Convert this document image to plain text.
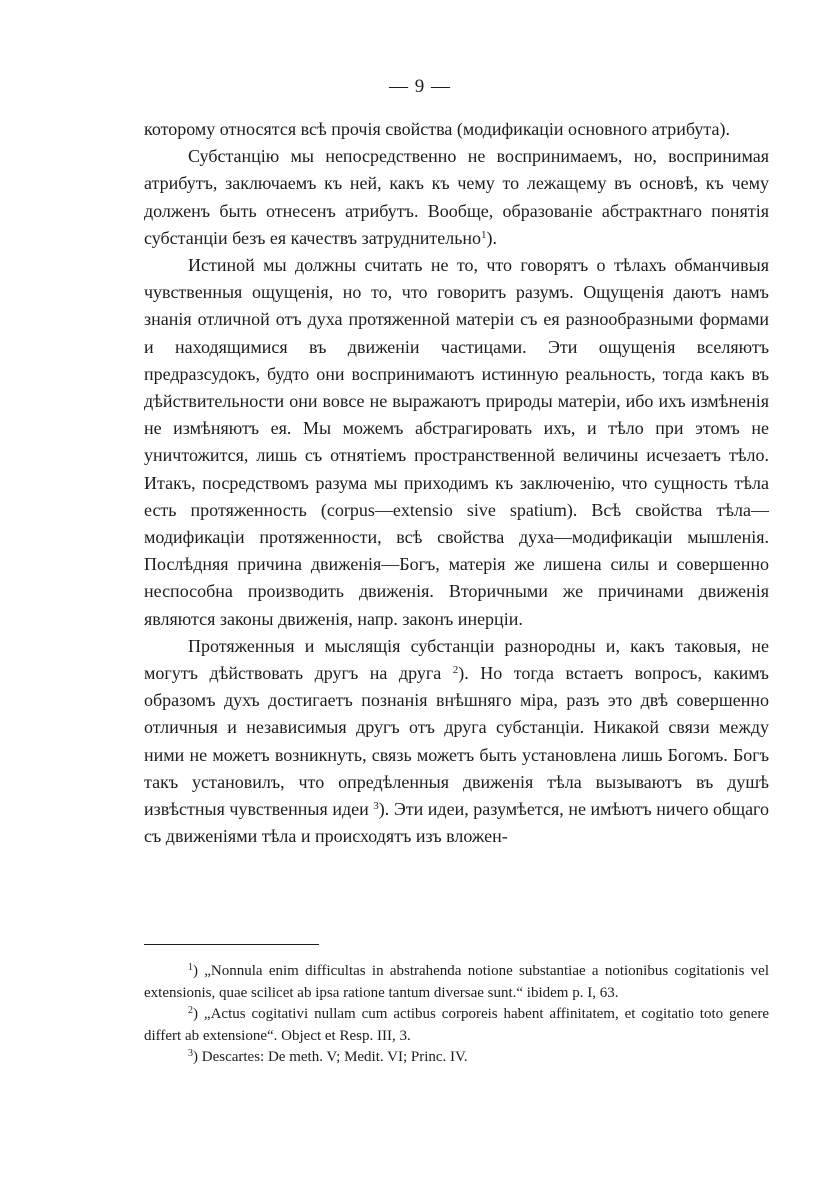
— 9 —

которому относятся всѣ прочія свойства (модификаціи основного атрибута).

Субстанцію мы непосредственно не воспринимаемъ, но, воспринимая атрибутъ, заключаемъ къ ней, какъ къ чему то лежащему въ основѣ, къ чему долженъ быть отнесенъ атрибутъ. Вообще, образованіе абстрактнаго понятія субстанціи безъ ея качествъ затруднительно$^1$).

Истиной мы должны считать не то, что говорятъ о тѣлахъ обманчивыя чувственныя ощущенія, но то, что говоритъ разумъ. Ощущенія даютъ намъ знанія отличной отъ духа протяженной матеріи съ ея разнообразными формами и находящимися въ движеніи частицами. Эти ощущенія вселяютъ предразсудокъ, будто они воспринимаютъ истинную реальность, тогда какъ въ дѣйствительности они вовсе не выражаютъ природы матеріи, ибо ихъ измѣненія не измѣняютъ ея. Мы можемъ абстрагировать ихъ, и тѣло при этомъ не уничтожится, лишь съ отнятіемъ пространственной величины исчезаетъ тѣло. Итакъ, посредствомъ разума мы приходимъ къ заключенію, что сущность тѣла есть протяженность (corpus—extensio sive spatium). Всѣ свойства тѣла—модификаціи протяженности, всѣ свойства духа—модификаціи мышленія. Послѣдняя причина движенія—Богъ, матерія же лишена силы и совершенно неспособна производить движенія. Вторичными же причинами движенія являются законы движенія, напр. законъ инерціи.

Протяженныя и мыслящія субстанціи разнородны и, какъ таковыя, не могутъ дѣйствовать другъ на друга $^2$). Но тогда встаетъ вопросъ, какимъ образомъ духъ достигаетъ познанія внѣшняго міра, разъ это двѣ совершенно отличныя и независимыя другъ отъ друга субстанціи. Никакой связи между ними не можетъ возникнуть, связь можетъ быть установлена лишь Богомъ. Богъ такъ установилъ, что опредѣленныя движенія тѣла вызываютъ въ душѣ извѣстныя чувственныя идеи $^3$). Эти идеи, разумѣется, не имѣютъ ничего общаго съ движеніями тѣла и происходятъ изъ вложен-

$^1$) „Nonnula enim difficultas in abstrahenda notione substantiae a notionibus cogitationis vel extensionis, quae scilicet ab ipsa ratione tantum diversae sunt.“ ibidem p. I, 63.

$^2$) „Actus cogitativi nullam cum actibus corporeis habent affinitatem, et cogitatio toto genere differt ab extensione“. Object et Resp. III, 3.

$^3$) Descartes: De meth. V; Medit. VI; Princ. IV.
